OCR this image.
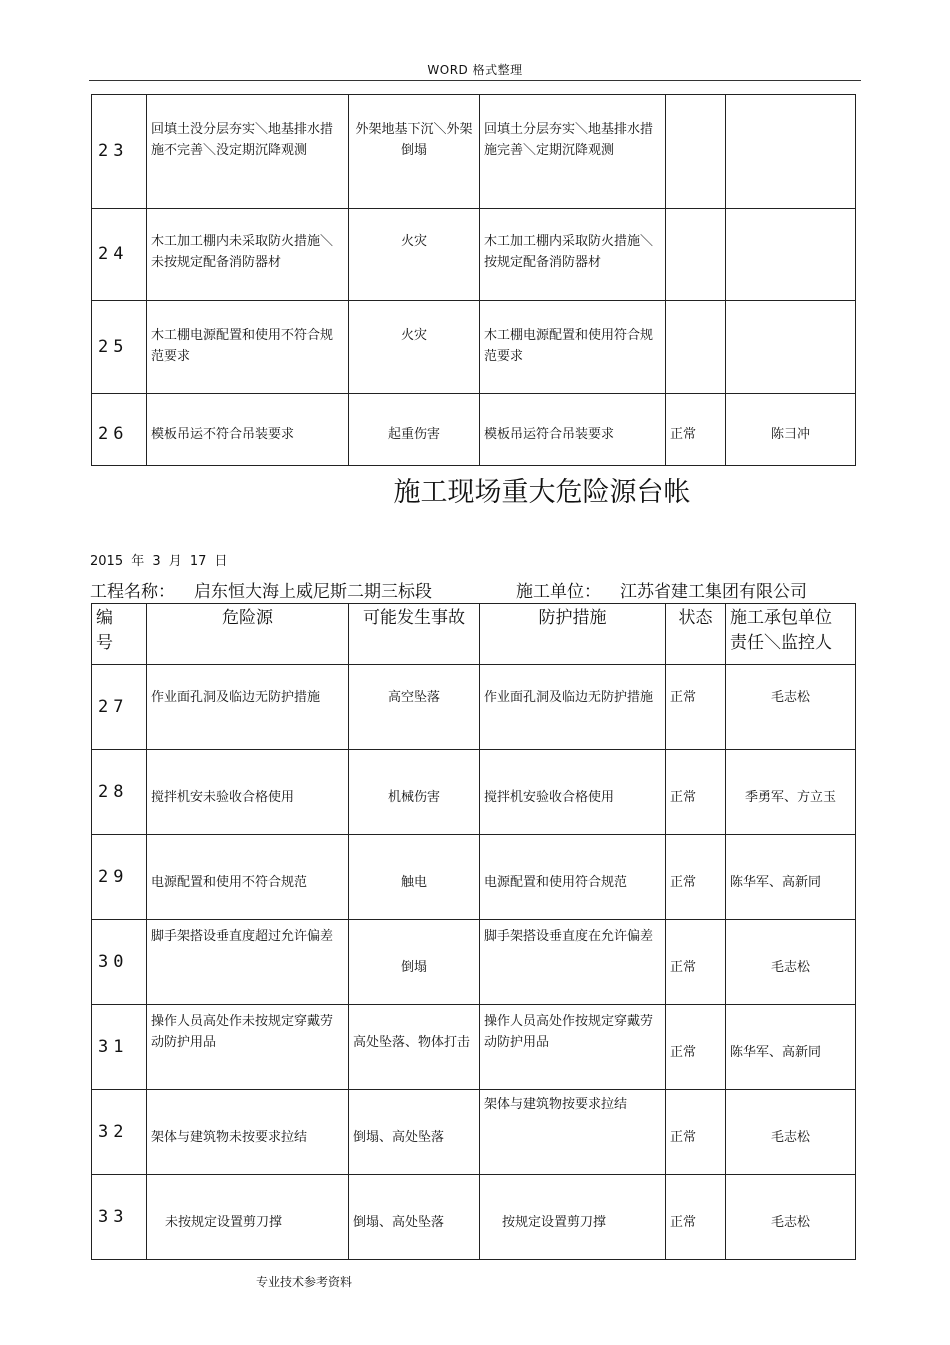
WORD 格式整理
23	回填土没分层夯实＼地基排水措施不完善＼没定期沉降观测	外架地基下沉＼外架倒塌	回填土分层夯实＼地基排水措施完善＼定期沉降观测		
24	木工加工棚内未采取防火措施＼未按规定配备消防器材	火灾	木工加工棚内采取防火措施＼按规定配备消防器材		
25	木工棚电源配置和使用不符合规范要求	火灾	木工棚电源配置和使用符合规范要求		
26	模板吊运不符合吊装要求	起重伤害	模板吊运符合吊装要求	正常	陈彐冲
施工现场重大危险源台帐
2015 年 3 月 17 日
工程名称： 启东恒大海上威尼斯二期三标段	施工单位： 江苏省建工集团有限公司
编号	危险源	可能发生事故	防护措施	状态	施工承包单位责任＼监控人
27	作业面孔洞及临边无防护措施	高空坠落	作业面孔洞及临边无防护措施	正常	毛志松
28	搅拌机安未验收合格使用	机械伤害	搅拌机安验收合格使用	正常	季勇军、方立玉
29	电源配置和使用不符合规范	触电	电源配置和使用符合规范	正常	陈华军、高新同
30	脚手架搭设垂直度超过允许偏差	倒塌	脚手架搭设垂直度在允许偏差	正常	毛志松
31	操作人员高处作未按规定穿戴劳动防护用品	高处坠落、物体打击	操作人员高处作按规定穿戴劳动防护用品	正常	陈华军、高新同
32	架体与建筑物未按要求拉结	倒塌、高处坠落	架体与建筑物按要求拉结	正常	毛志松
33	未按规定设置剪刀撑	倒塌、高处坠落	按规定设置剪刀撑	正常	毛志松
专业技术参考资料
